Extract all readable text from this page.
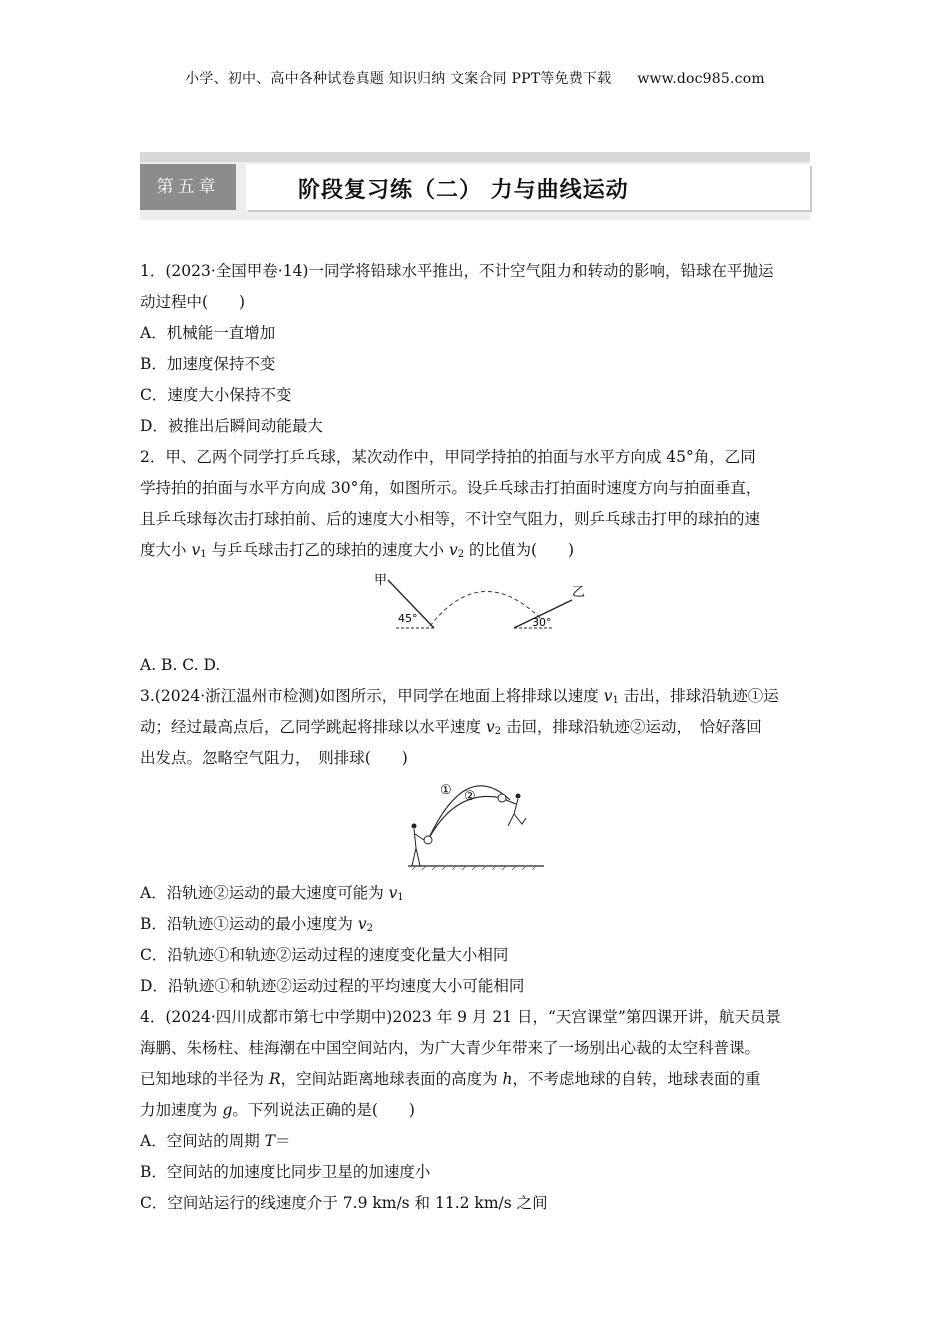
小学、初中、高中各种试卷真题 知识归纳 文案合同 PPT等免费下载 www.doc985.com
第五章	阶段复习练（二） 力与曲线运动
1．(2023·全国甲卷·14)一同学将铅球水平推出，不计空气阻力和转动的影响，铅球在平抛运
动过程中(　　)
A．机械能一直增加
B．加速度保持不变
C．速度大小保持不变
D．被推出后瞬间动能最大
2．甲、乙两个同学打乒乓球，某次动作中，甲同学持拍的拍面与水平方向成 45°角，乙同
学持拍的拍面与水平方向成 30°角，如图所示。设乒乓球击打拍面时速度方向与拍面垂直，
且乒乓球每次击打球拍前、后的速度大小相等，不计空气阻力，则乒乓球击打甲的球拍的速
度大小 $v_1$ 与乒乓球击打乙的球拍的速度大小 $v_2$ 的比值为(　　)
甲
45°
乙
30°
A. B. C. D.
3.(2024·浙江温州市检测)如图所示，甲同学在地面上将排球以速度 $v_1$ 击出，排球沿轨迹①运
动；经过最高点后，乙同学跳起将排球以水平速度 $v_2$ 击回，排球沿轨迹②运动，　恰好落回
出发点。忽略空气阻力，　则排球(　　)
① ②
A．沿轨迹②运动的最大速度可能为 $v_1$
B．沿轨迹①运动的最小速度为 $v_2$
C．沿轨迹①和轨迹②运动过程的速度变化量大小相同
D．沿轨迹①和轨迹②运动过程的平均速度大小可能相同
4．(2024·四川成都市第七中学期中)2023 年 9 月 21 日，“天宫课堂”第四课开讲，航天员景
海鹏、朱杨柱、桂海潮在中国空间站内，为广大青少年带来了一场别出心裁的太空科普课。
已知地球的半径为 R，空间站距离地球表面的高度为 h，不考虑地球的自转，地球表面的重
力加速度为 g。下列说法正确的是(　　)
A．空间站的周期 T＝
B．空间站的加速度比同步卫星的加速度小
C．空间站运行的线速度介于 7.9 km/s 和 11.2 km/s 之间
